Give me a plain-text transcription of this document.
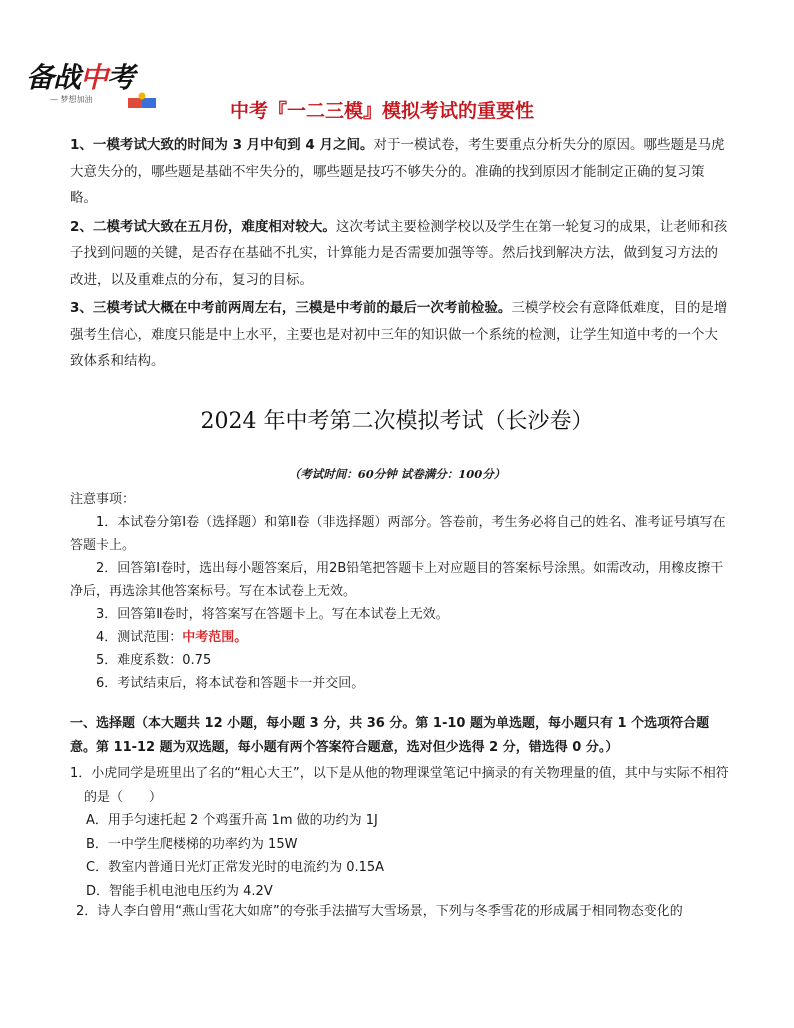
备战中考
— 梦想加油
中考『一二三模』模拟考试的重要性

1、一模考试大致的时间为 3 月中旬到 4 月之间。对于一模试卷，考生要重点分析失分的原因。哪些题是马虎大意失分的，哪些题是基础不牢失分的，哪些题是技巧不够失分的。准确的找到原因才能制定正确的复习策略。

2、二模考试大致在五月份，难度相对较大。这次考试主要检测学校以及学生在第一轮复习的成果，让老师和孩子找到问题的关键，是否存在基础不扎实，计算能力是否需要加强等等。然后找到解决方法，做到复习方法的改进，以及重难点的分布，复习的目标。

3、三模考试大概在中考前两周左右，三模是中考前的最后一次考前检验。三模学校会有意降低难度，目的是增强考生信心，难度只能是中上水平，主要也是对初中三年的知识做一个系统的检测，让学生知道中考的一个大致体系和结构。

2024 年中考第二次模拟考试（长沙卷）
（考试时间：60分钟 试卷满分：100分）

注意事项：

1．本试卷分第Ⅰ卷（选择题）和第Ⅱ卷（非选择题）两部分。答卷前，考生务必将自己的姓名、准考证号填写在答题卡上。
2．回答第Ⅰ卷时，选出每小题答案后，用2B铅笔把答题卡上对应题目的答案标号涂黑。如需改动，用橡皮擦干净后，再选涂其他答案标号。写在本试卷上无效。
3．回答第Ⅱ卷时，将答案写在答题卡上。写在本试卷上无效。
4．测试范围：中考范围。
5．难度系数：0.75
6．考试结束后，将本试卷和答题卡一并交回。
一、选择题（本大题共 12 小题，每小题 3 分，共 36 分。第 1-10 题为单选题，每小题只有 1 个选项符合题意。第 11-12 题为双选题，每小题有两个答案符合题意，选对但少选得 2 分，错选得 0 分。）
1．小虎同学是班里出了名的“粗心大王”，以下是从他的物理课堂笔记中摘录的有关物理量的值，其中与实际不相符的是（　　）
A．用手匀速托起 2 个鸡蛋升高 1m 做的功约为 1J
B．一中学生爬楼梯的功率约为 15W
C．教室内普通日光灯正常发光时的电流约为 0.15A
D．智能手机电池电压约为 4.2V
2．诗人李白曾用“燕山雪花大如席”的夸张手法描写大雪场景，下列与冬季雪花的形成属于相同物态变化的
